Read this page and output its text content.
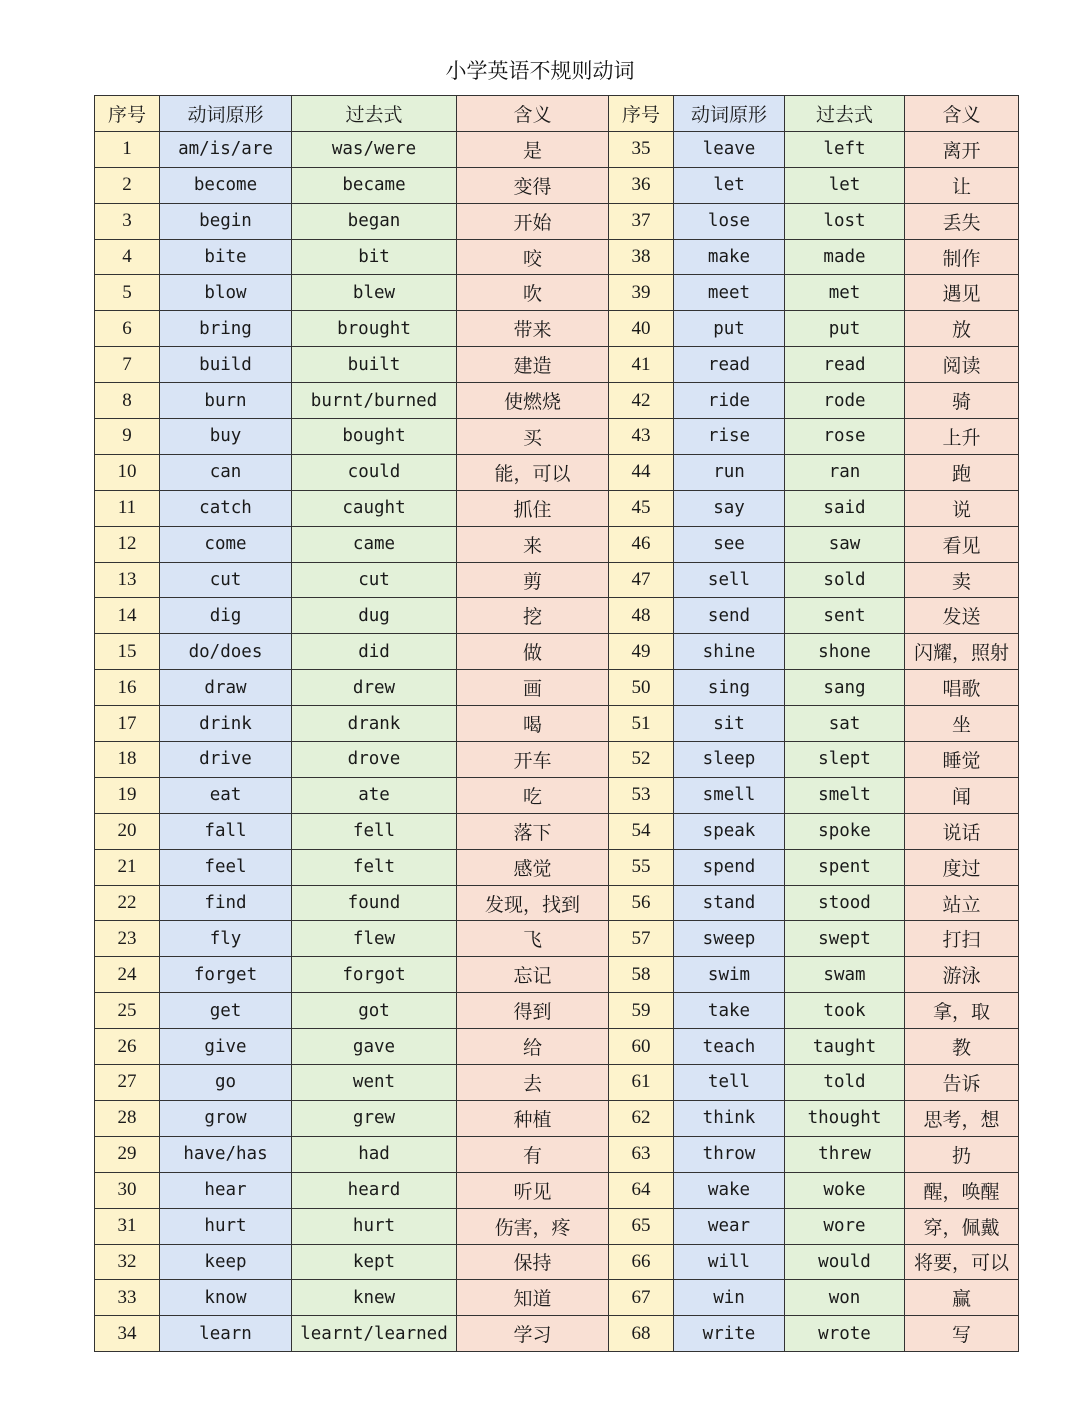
小学英语不规则动词
序号	动词原形	过去式	含义	序号	动词原形	过去式	含义
1	am/is/are	was/were	是	35	leave	left	离开
2	become	became	变得	36	let	let	让
3	begin	began	开始	37	lose	lost	丢失
4	bite	bit	咬	38	make	made	制作
5	blow	blew	吹	39	meet	met	遇见
6	bring	brought	带来	40	put	put	放
7	build	built	建造	41	read	read	阅读
8	burn	burnt/burned	使燃烧	42	ride	rode	骑
9	buy	bought	买	43	rise	rose	上升
10	can	could	能，可以	44	run	ran	跑
11	catch	caught	抓住	45	say	said	说
12	come	came	来	46	see	saw	看见
13	cut	cut	剪	47	sell	sold	卖
14	dig	dug	挖	48	send	sent	发送
15	do/does	did	做	49	shine	shone	闪耀，照射
16	draw	drew	画	50	sing	sang	唱歌
17	drink	drank	喝	51	sit	sat	坐
18	drive	drove	开车	52	sleep	slept	睡觉
19	eat	ate	吃	53	smell	smelt	闻
20	fall	fell	落下	54	speak	spoke	说话
21	feel	felt	感觉	55	spend	spent	度过
22	find	found	发现，找到	56	stand	stood	站立
23	fly	flew	飞	57	sweep	swept	打扫
24	forget	forgot	忘记	58	swim	swam	游泳
25	get	got	得到	59	take	took	拿，取
26	give	gave	给	60	teach	taught	教
27	go	went	去	61	tell	told	告诉
28	grow	grew	种植	62	think	thought	思考，想
29	have/has	had	有	63	throw	threw	扔
30	hear	heard	听见	64	wake	woke	醒，唤醒
31	hurt	hurt	伤害，疼	65	wear	wore	穿，佩戴
32	keep	kept	保持	66	will	would	将要，可以
33	know	knew	知道	67	win	won	赢
34	learn	learnt/learned	学习	68	write	wrote	写
